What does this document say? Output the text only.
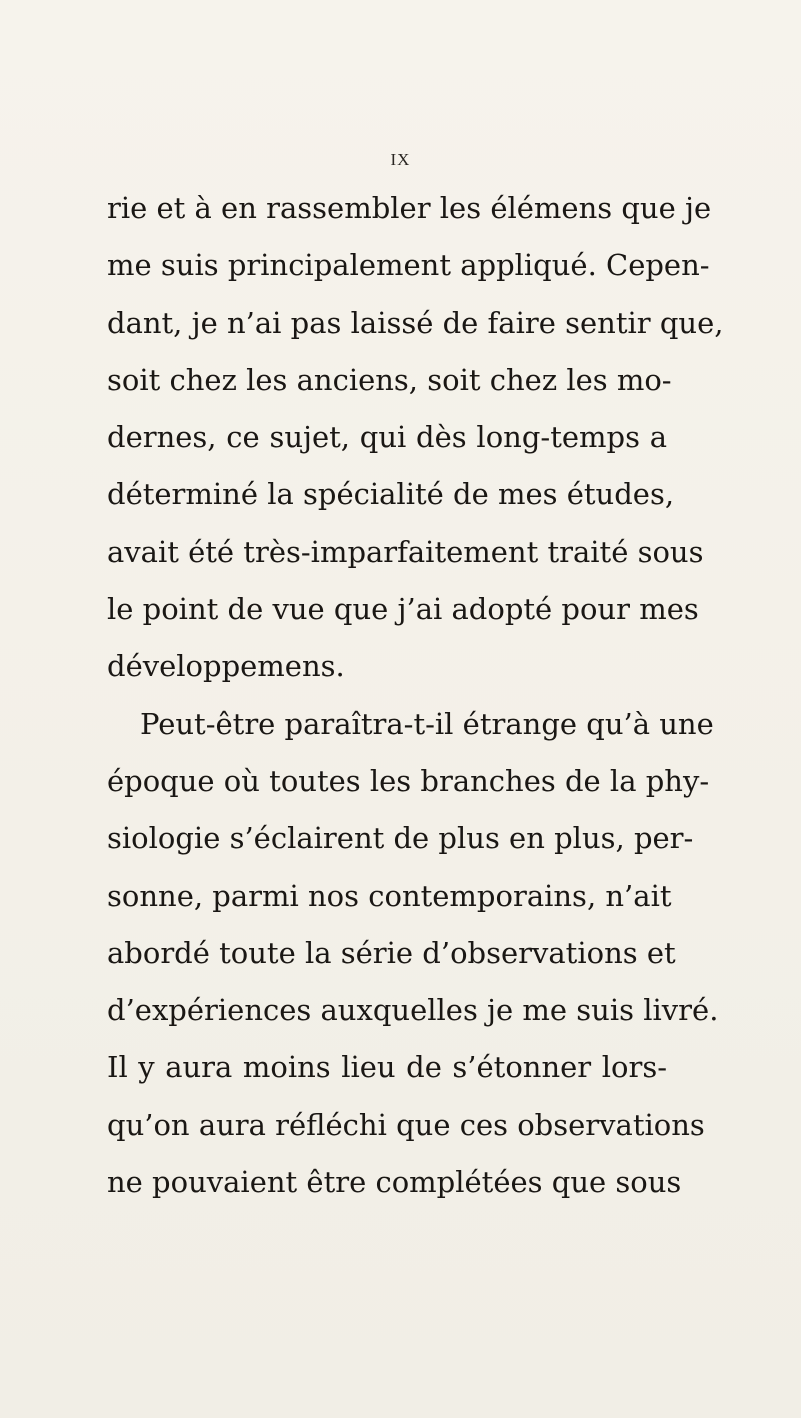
IX
rie et à en rassembler les élémens que je
me suis principalement appliqué. Cepen-
dant, je n’ai pas laissé de faire sentir que,
soit chez les anciens, soit chez les mo-
dernes, ce sujet, qui dès long-temps a
déterminé la spécialité de mes études,
avait été très-imparfaitement traité sous
le point de vue que j’ai adopté pour mes
développemens.
Peut-être paraîtra-t-il étrange qu’à une
époque où toutes les branches de la phy-
siologie s’éclairent de plus en plus, per-
sonne, parmi nos contemporains, n’ait
abordé toute la série d’observations et
d’expériences auxquelles je me suis livré.
Il y aura moins lieu de s’étonner lors-
qu’on aura réfléchi que ces observations
ne pouvaient être complétées que sous
